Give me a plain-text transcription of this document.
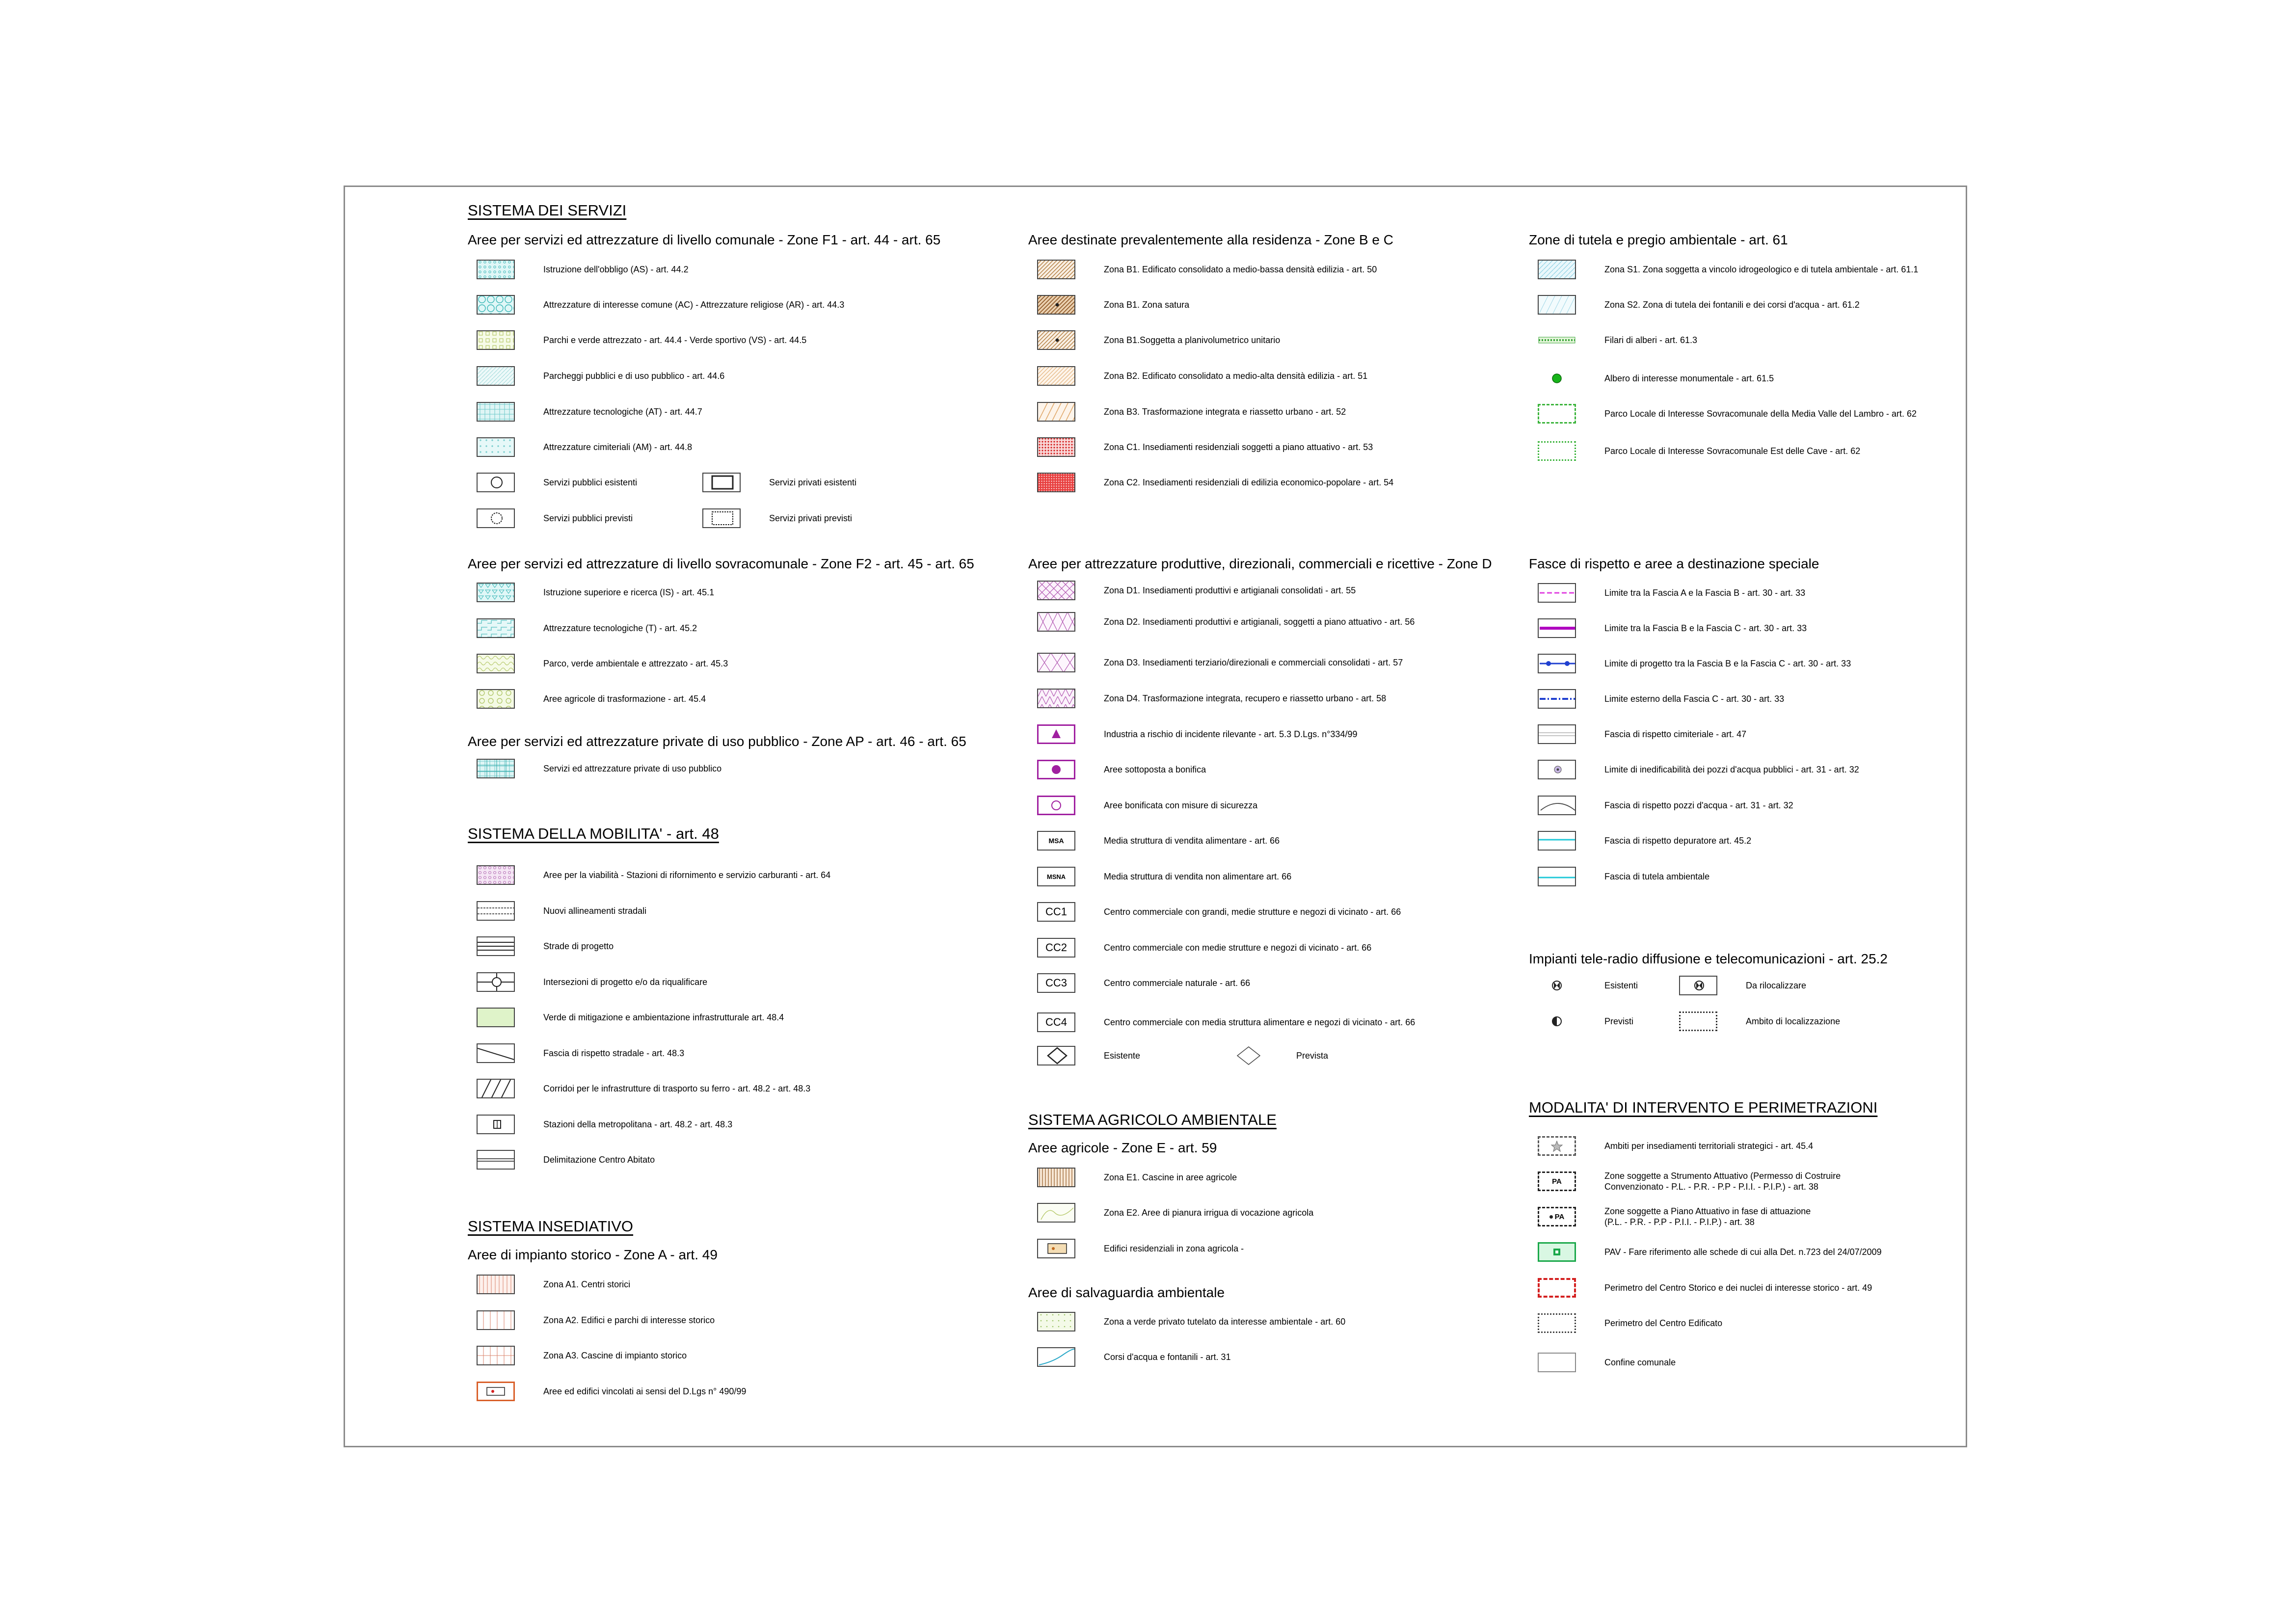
SISTEMA DEI SERVIZI
Aree per servizi ed attrezzature di livello comunale - Zone F1 - art. 44 - art. 65
Istruzione dell'obbligo (AS) - art. 44.2
Attrezzature di interesse comune (AC) - Attrezzature religiose (AR) - art. 44.3
Parchi e verde attrezzato - art. 44.4 - Verde sportivo (VS) - art. 44.5
Parcheggi pubblici e di uso pubblico - art. 44.6
Attrezzature tecnologiche (AT) - art. 44.7
Attrezzature cimiteriali (AM) - art. 44.8
Servizi pubblici esistenti	Servizi privati esistenti
Servizi pubblici previsti	Servizi privati previsti
Aree per servizi ed attrezzature di livello sovracomunale - Zone F2 - art. 45 - art. 65
Istruzione superiore e ricerca (IS) - art. 45.1
Attrezzature tecnologiche (T) - art. 45.2
Parco, verde ambientale e attrezzato - art. 45.3
Aree agricole di trasformazione - art. 45.4
Aree per servizi ed attrezzature private di uso pubblico - Zone AP - art. 46 - art. 65
Servizi ed attrezzature private di uso pubblico
SISTEMA DELLA MOBILITA' - art. 48
Aree per la viabilità - Stazioni di rifornimento e servizio carburanti - art. 64
Nuovi allineamenti stradali
Strade di progetto
Intersezioni di progetto e/o da riqualificare
Verde di mitigazione e ambientazione infrastrutturale art. 48.4
Fascia di rispetto stradale - art. 48.3
Corridoi per le infrastrutture di trasporto su ferro - art. 48.2 - art. 48.3
Stazioni della metropolitana - art. 48.2 - art. 48.3
Delimitazione Centro Abitato
SISTEMA INSEDIATIVO
Aree di impianto storico - Zone A - art. 49
Zona A1. Centri storici
Zona A2. Edifici e parchi di interesse storico
Zona A3. Cascine di impianto storico
Aree ed edifici vincolati ai sensi del D.Lgs n° 490/99
Aree destinate prevalentemente alla residenza - Zone B e C
Zona B1. Edificato consolidato a medio-bassa densità edilizia - art. 50
Zona B1. Zona satura
Zona B1.Soggetta a planivolumetrico unitario
Zona B2. Edificato consolidato a medio-alta densità edilizia - art. 51
Zona B3. Trasformazione integrata e riassetto urbano - art. 52
Zona C1. Insediamenti residenziali soggetti a piano attuativo - art. 53
Zona C2. Insediamenti residenziali di edilizia economico-popolare - art. 54
Aree per attrezzature produttive, direzionali, commerciali e ricettive - Zone D
Zona D1. Insediamenti produttivi e artigianali consolidati - art. 55
Zona D2. Insediamenti produttivi e artigianali, soggetti a piano attuativo - art. 56
Zona D3. Insediamenti terziario/direzionali e commerciali consolidati - art. 57
Zona D4. Trasformazione integrata, recupero e riassetto urbano - art. 58
Industria a rischio di incidente rilevante - art. 5.3 D.Lgs. n°334/99
Aree sottoposta a bonifica
Aree bonificata con misure di sicurezza
MSA	Media struttura di vendita alimentare - art. 66
MSNA	Media struttura di vendita non alimentare art. 66
CC1	Centro commerciale con grandi, medie strutture e negozi di vicinato - art. 66
CC2	Centro commerciale con medie strutture e negozi di vicinato - art. 66
CC3	Centro commerciale naturale - art. 66
CC4	Centro commerciale con media struttura alimentare e negozi di vicinato - art. 66
Esistente	Prevista
SISTEMA AGRICOLO AMBIENTALE
Aree agricole - Zone E - art. 59
Zona E1. Cascine in aree agricole
Zona E2. Aree di pianura irrigua di vocazione agricola
Edifici residenziali in zona agricola -
Aree di salvaguardia ambientale
Zona a verde privato tutelato da interesse ambientale - art. 60
Corsi d'acqua e fontanili - art. 31
Zone di tutela e pregio ambientale - art. 61
Zona S1. Zona soggetta a vincolo idrogeologico e di tutela ambientale - art. 61.1
Zona S2. Zona di tutela dei fontanili e dei corsi d'acqua - art. 61.2
Filari di alberi - art. 61.3
Albero di interesse monumentale - art. 61.5
Parco Locale di Interesse Sovracomunale della Media Valle del Lambro - art. 62
Parco Locale di Interesse Sovracomunale Est delle Cave - art. 62
Fasce di rispetto e aree a destinazione speciale
Limite tra la Fascia A e la Fascia B - art. 30 - art. 33
Limite tra la Fascia B e la Fascia C - art. 30 - art. 33
Limite di progetto tra la Fascia B e la Fascia C - art. 30 - art. 33
Limite esterno della Fascia C - art. 30 - art. 33
Fascia di rispetto cimiteriale - art. 47
Limite di inedificabilità dei pozzi d'acqua pubblici - art. 31 - art. 32
Fascia di rispetto pozzi d'acqua - art. 31 - art. 32
Fascia di rispetto depuratore art. 45.2
Fascia di tutela ambientale
Impianti tele-radio diffusione e telecomunicazioni - art. 25.2
Esistenti	Da rilocalizzare
Previsti	Ambito di localizzazione
MODALITA' DI INTERVENTO E PERIMETRAZIONI
Ambiti per insediamenti territoriali strategici - art. 45.4
PA
Zone soggette a Strumento Attuativo (Permesso di Costruire
Convenzionato - P.L. - P.R. - P.P - P.I.I. - P.I.P.) - art. 38
PA
Zone soggette a Piano Attuativo in fase di attuazione
(P.L. - P.R. - P.P - P.I.I. - P.I.P.) - art. 38
PAV - Fare riferimento alle schede di cui alla Det. n.723 del 24/07/2009
Perimetro del Centro Storico e dei nuclei di interesse storico - art. 49
Perimetro del Centro Edificato
Confine comunale
